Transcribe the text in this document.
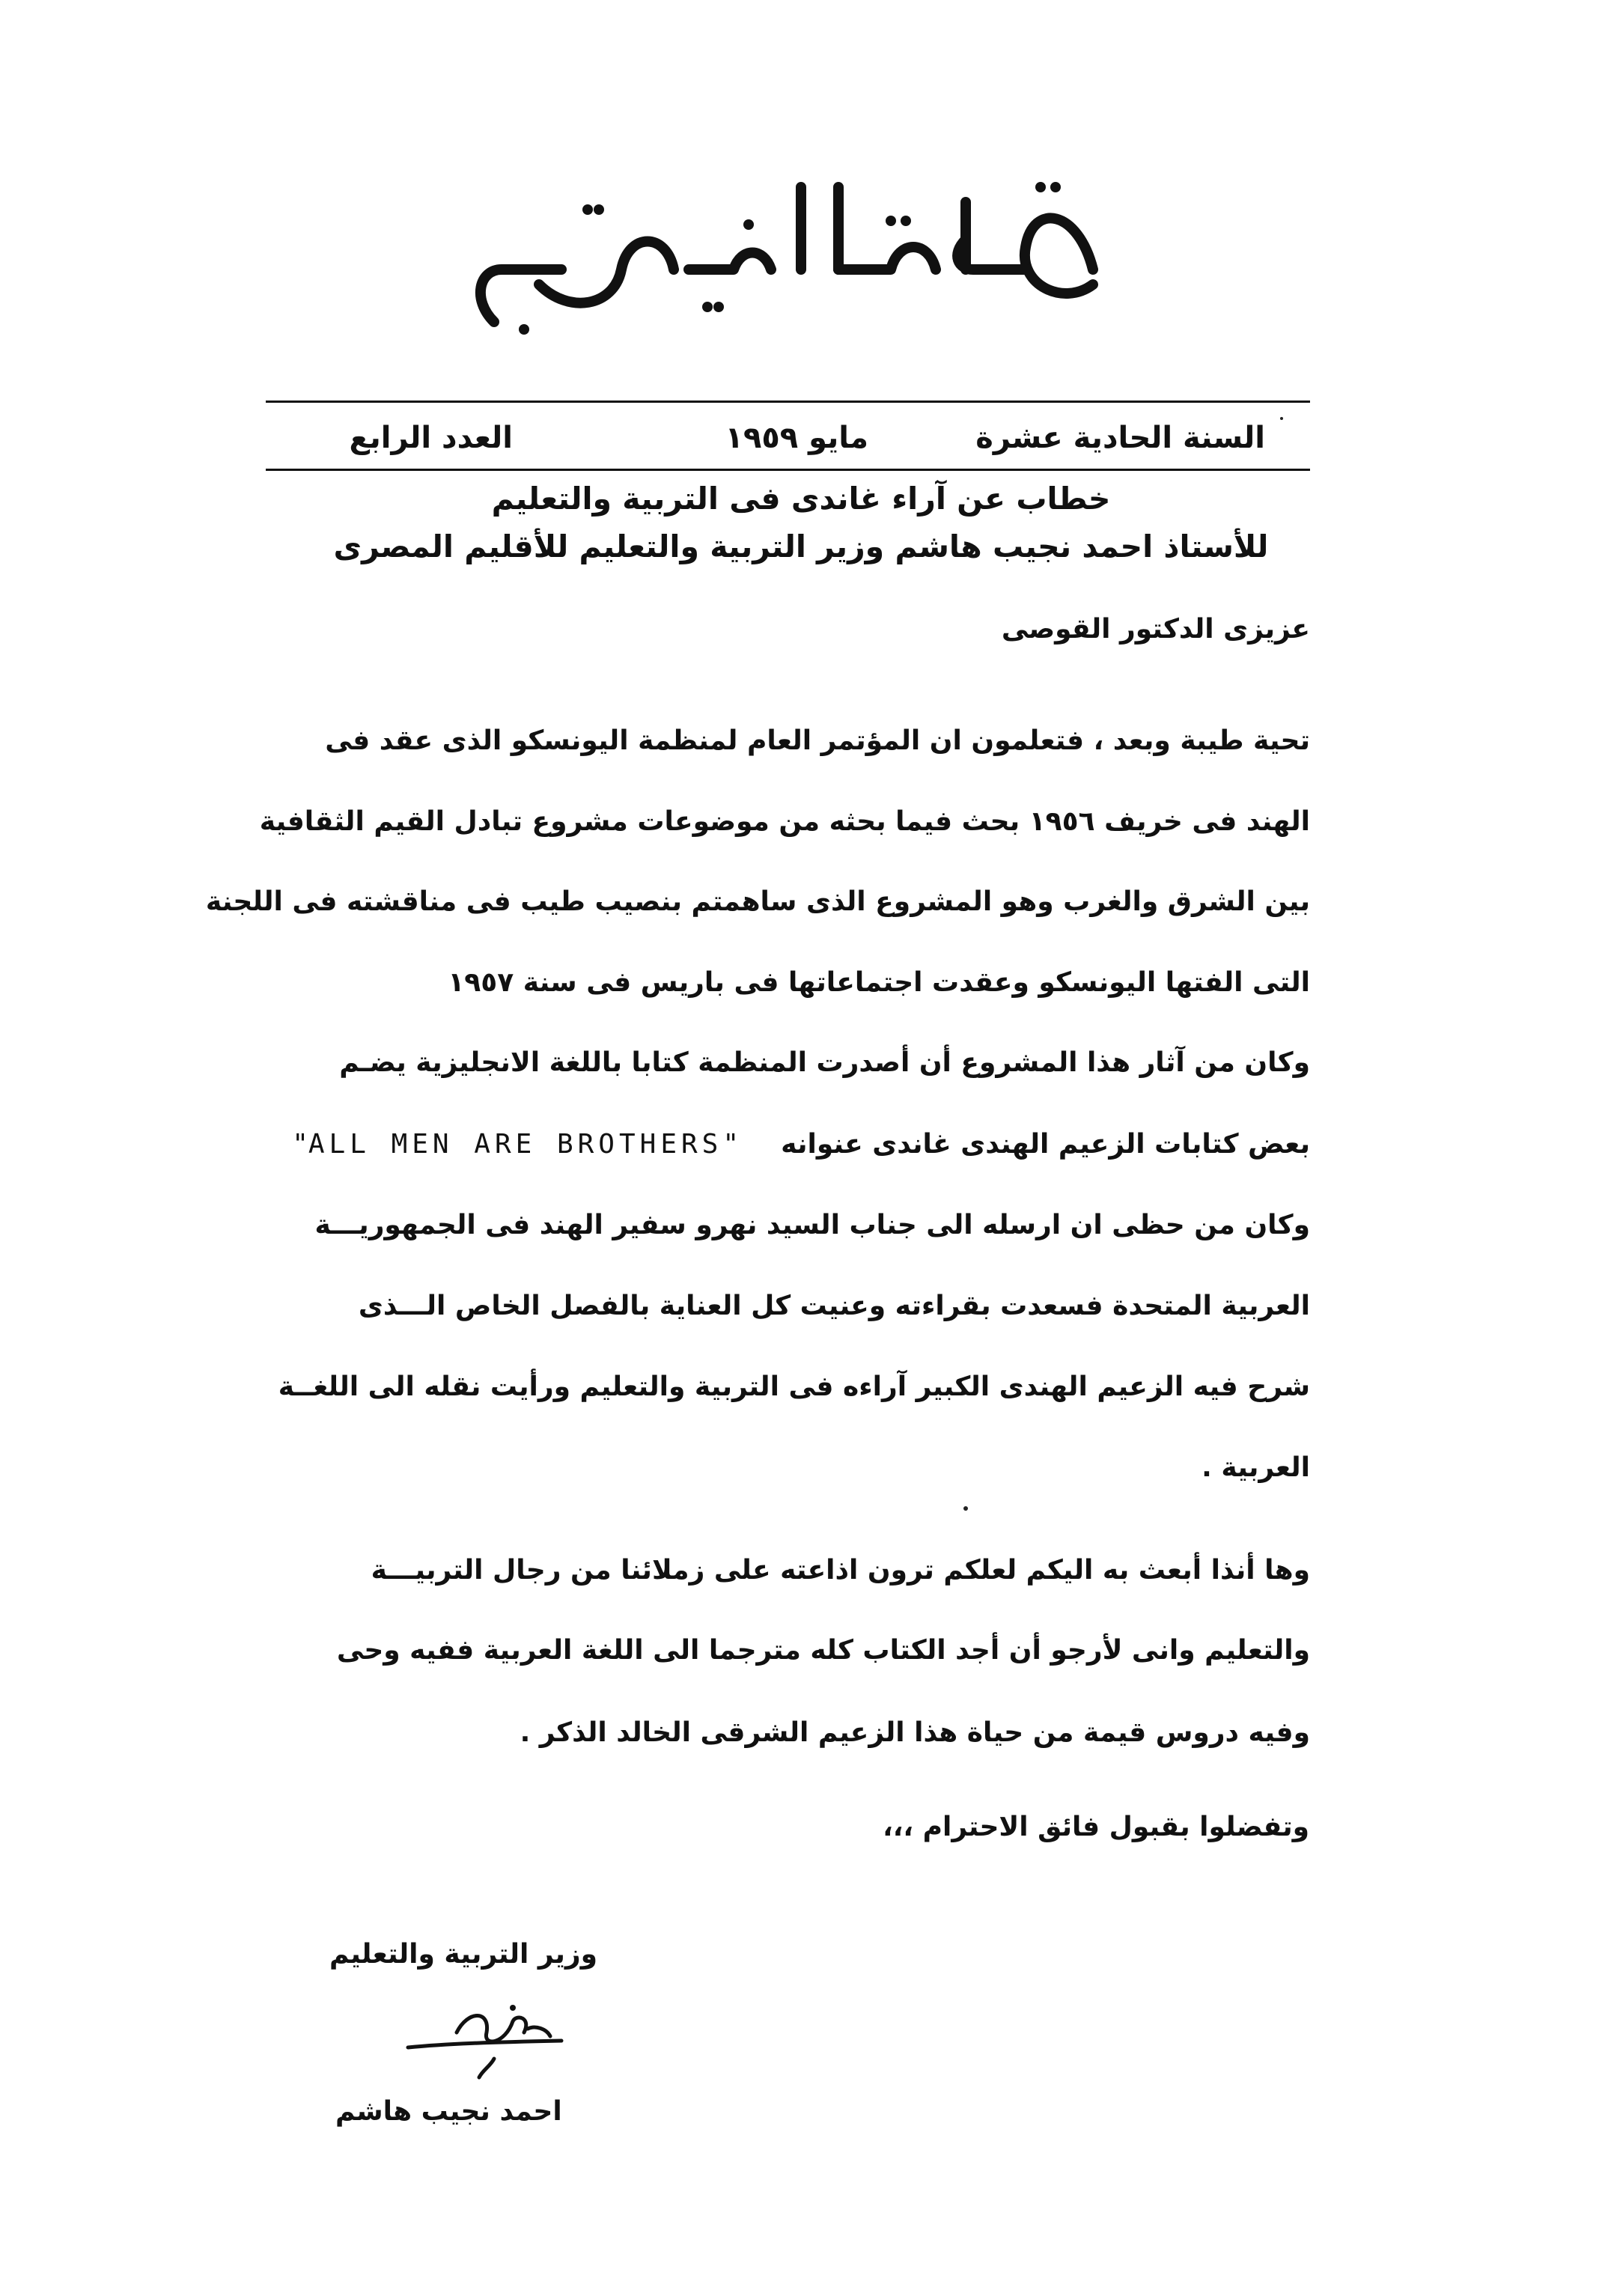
السنة الحادية عشرة
مايو ١٩٥٩
العدد الرابع
خطاب عن آراء غاندى فى التربية والتعليم
للأستاذ احمد نجيب هاشم وزير التربية والتعليم للأقليم المصرى
عزيزى الدكتور القوصى
تحية طيبة وبعد ، فتعلمون ان المؤتمر العام لمنظمة اليونسكو الذى عقد فى
الهند فى خريف ١٩٥٦ بحث فيما بحثه من موضوعات مشروع تبادل القيم الثقافية
بين الشرق والغرب وهو المشروع الذى ساهمتم بنصيب طيب فى مناقشته فى اللجنة
التى الفتها اليونسكو وعقدت اجتماعاتها فى باريس فى سنة ١٩٥٧
وكان من آثار هذا المشروع أن أصدرت المنظمة كتابا باللغة الانجليزية يضـم
بعض كتابات الزعيم الهندى غاندى عنوانه    "ALL MEN ARE BROTHERS"
وكان من حظى ان ارسله الى جناب السيد نهرو سفير الهند فى الجمهوريـــة
العربية المتحدة فسعدت بقراءته وعنيت كل العناية بالفصل الخاص الـــذى
شرح فيه الزعيم الهندى الكبير آراءه فى التربية والتعليم ورأيت نقله الى اللغــة
العربية .
وها أنذا أبعث به اليكم لعلكم ترون اذاعته على زملائنا من رجال التربيـــة
والتعليم وانى لأرجو أن أجد الكتاب كله مترجما الى اللغة العربية ففيه وحى
وفيه دروس قيمة من حياة هذا الزعيم الشرقى الخالد الذكر .
وتفضلوا بقبول فائق الاحترام ،،،
وزير التربية والتعليم
احمد نجيب هاشم
